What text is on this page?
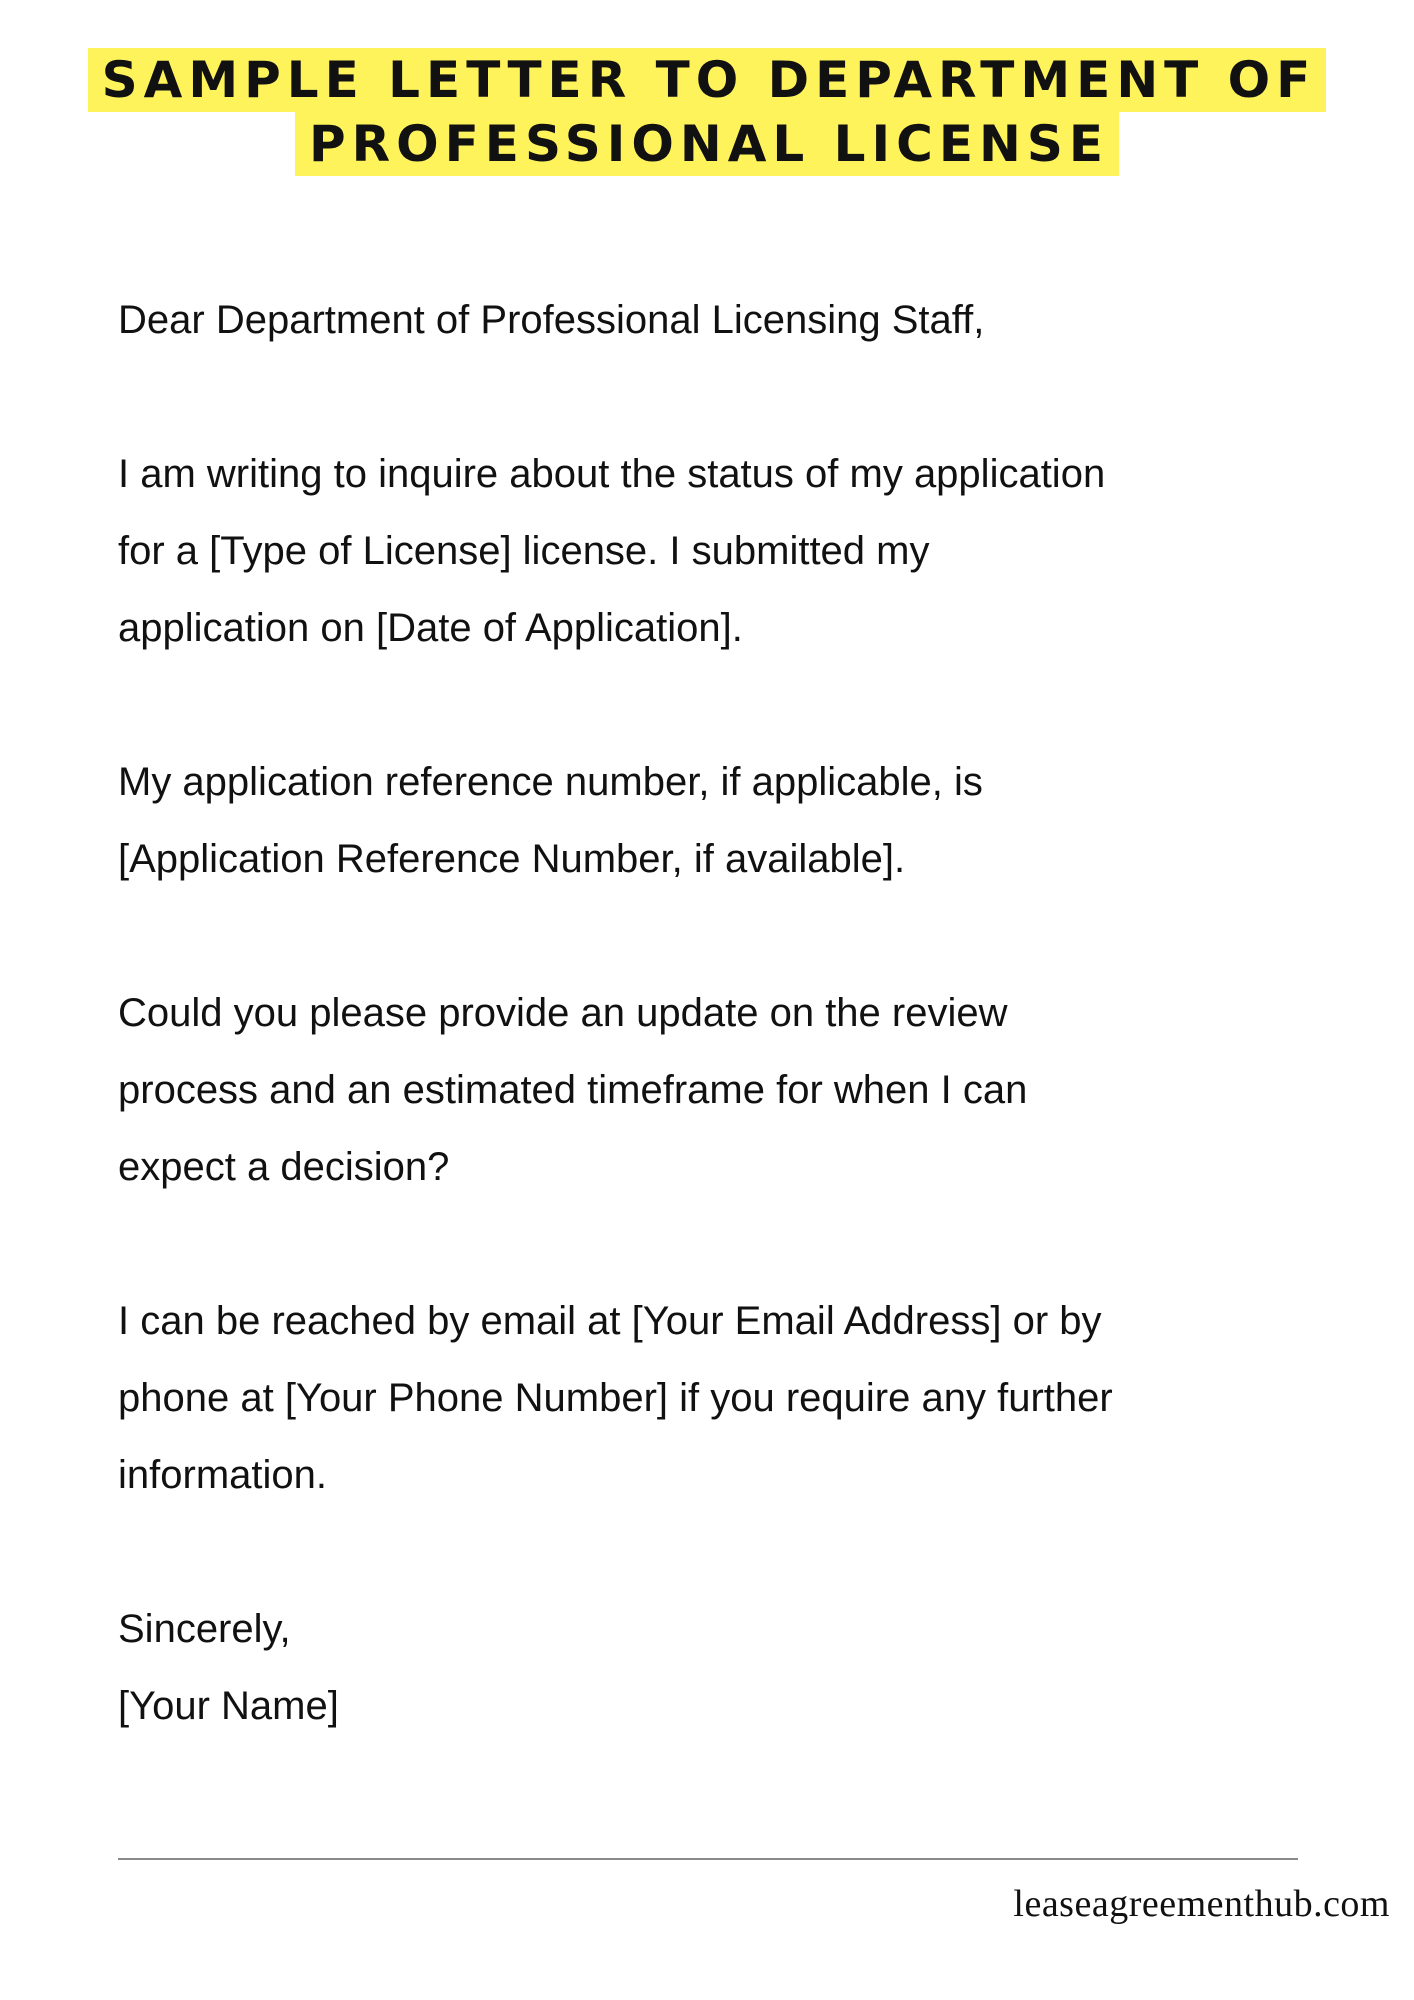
SAMPLE LETTER TO DEPARTMENT OF
PROFESSIONAL LICENSE

Dear Department of Professional Licensing Staff,

I am writing to inquire about the status of my application
for a [Type of License] license. I submitted my
application on [Date of Application].
My application reference number, if applicable, is
[Application Reference Number, if available].
Could you please provide an update on the review
process and an estimated timeframe for when I can
expect a decision?
I can be reached by email at [Your Email Address] or by
phone at [Your Phone Number] if you require any further
information.
Sincerely,
[Your Name]
leaseagreementhub.com
